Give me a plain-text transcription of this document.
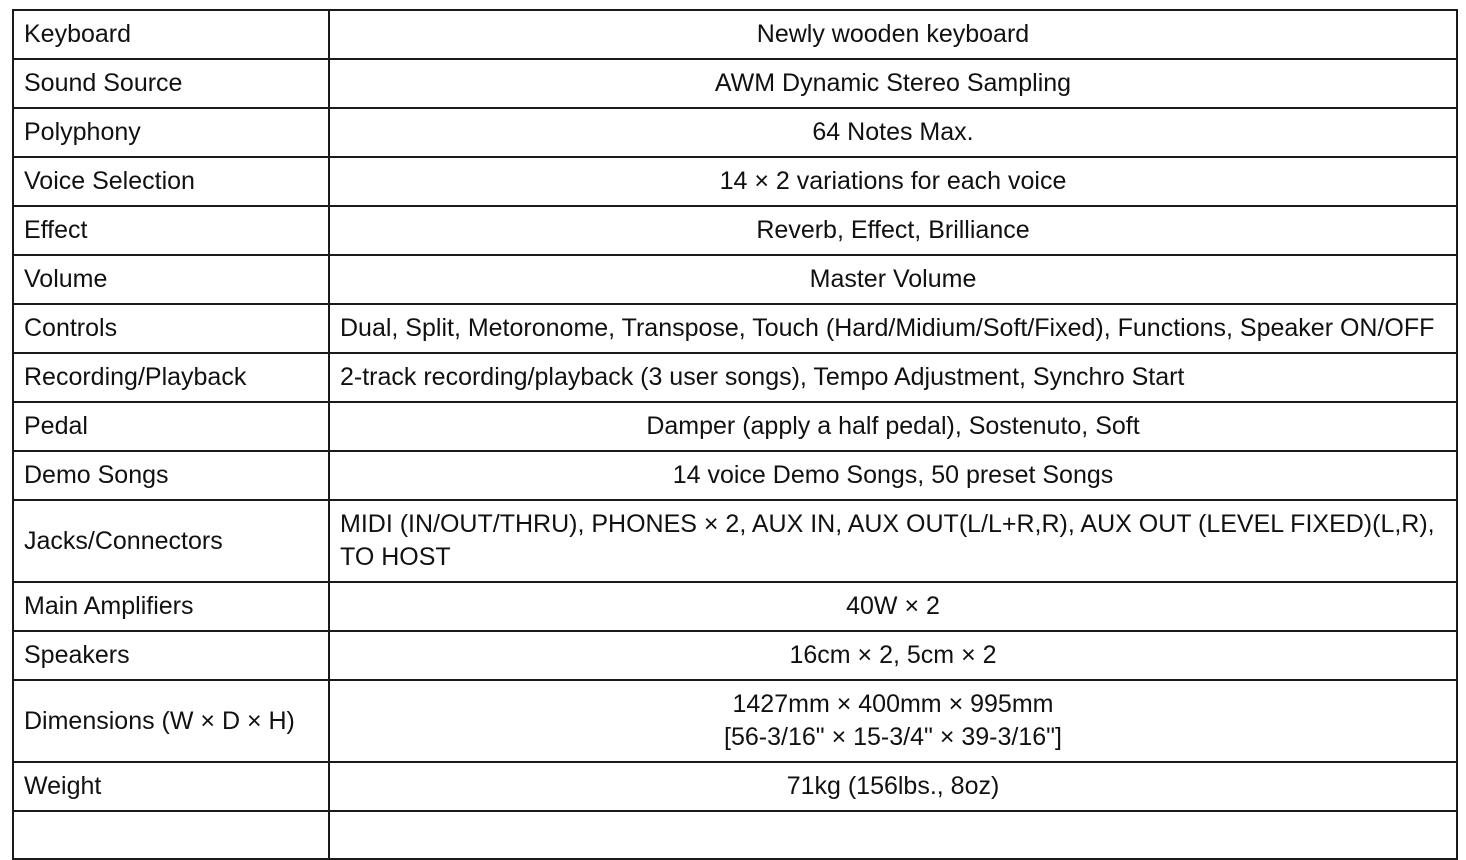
Keyboard	Newly wooden keyboard
Sound Source	AWM Dynamic Stereo Sampling
Polyphony	64 Notes Max.
Voice Selection	14 × 2 variations for each voice
Effect	Reverb, Effect, Brilliance
Volume	Master Volume
Controls	Dual, Split, Metoronome, Transpose, Touch (Hard/Midium/Soft/Fixed), Functions, Speaker ON/OFF
Recording/Playback	2-track recording/playback (3 user songs), Tempo Adjustment, Synchro Start
Pedal	Damper (apply a half pedal), Sostenuto, Soft
Demo Songs	14 voice Demo Songs, 50 preset Songs
Jacks/Connectors	MIDI (IN/OUT/THRU), PHONES × 2, AUX IN, AUX OUT(L/L+R,R), AUX OUT (LEVEL FIXED)(L,R), TO HOST
Main Amplifiers	40W × 2
Speakers	16cm × 2, 5cm × 2
Dimensions (W × D × H)	1427mm × 400mm × 995mm
[56-3/16" × 15-3/4" × 39-3/16"]
Weight	71kg (156lbs., 8oz)
